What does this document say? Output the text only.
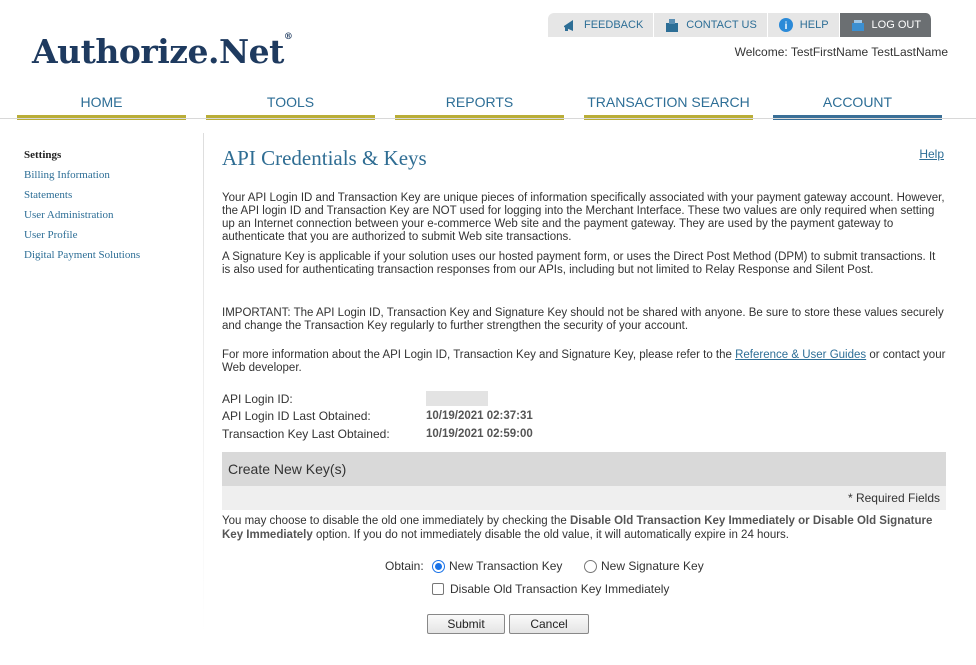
FEEDBACK	CONTACT US	i HELP	LOG OUT
Welcome: TestFirstName TestLastName
Authorize.Net®
HOME	TOOLS	REPORTS	TRANSACTION SEARCH	ACCOUNT
Settings
Billing Information
Statements
User Administration
User Profile
Digital Payment Solutions
API Credentials & Keys	Help

Your API Login ID and Transaction Key are unique pieces of information specifically associated with your payment gateway account. However, the API login ID and Transaction Key are NOT used for logging into the Merchant Interface. These two values are only required when setting up an Internet connection between your e-commerce Web site and the payment gateway. They are used by the payment gateway to authenticate that you are authorized to submit Web site transactions.

A Signature Key is applicable if your solution uses our hosted payment form, or uses the Direct Post Method (DPM) to submit transactions. It is also used for authenticating transaction responses from our APIs, including but not limited to Relay Response and Silent Post.

IMPORTANT: The API Login ID, Transaction Key and Signature Key should not be shared with anyone. Be sure to store these values securely and change the Transaction Key regularly to further strengthen the security of your account.

For more information about the API Login ID, Transaction Key and Signature Key, please refer to the Reference & User Guides or contact your Web developer.

API Login ID:
API Login ID Last Obtained:	10/19/2021 02:37:31
Transaction Key Last Obtained:	10/19/2021 02:59:00
Create New Key(s)
* Required Fields
You may choose to disable the old one immediately by checking the Disable Old Transaction Key Immediately or Disable Old Signature Key Immediately option. If you do not immediately disable the old value, it will automatically expire in 24 hours.
Obtain: New Transaction Key	New Signature Key
Disable Old Transaction Key Immediately
Submit	Cancel
